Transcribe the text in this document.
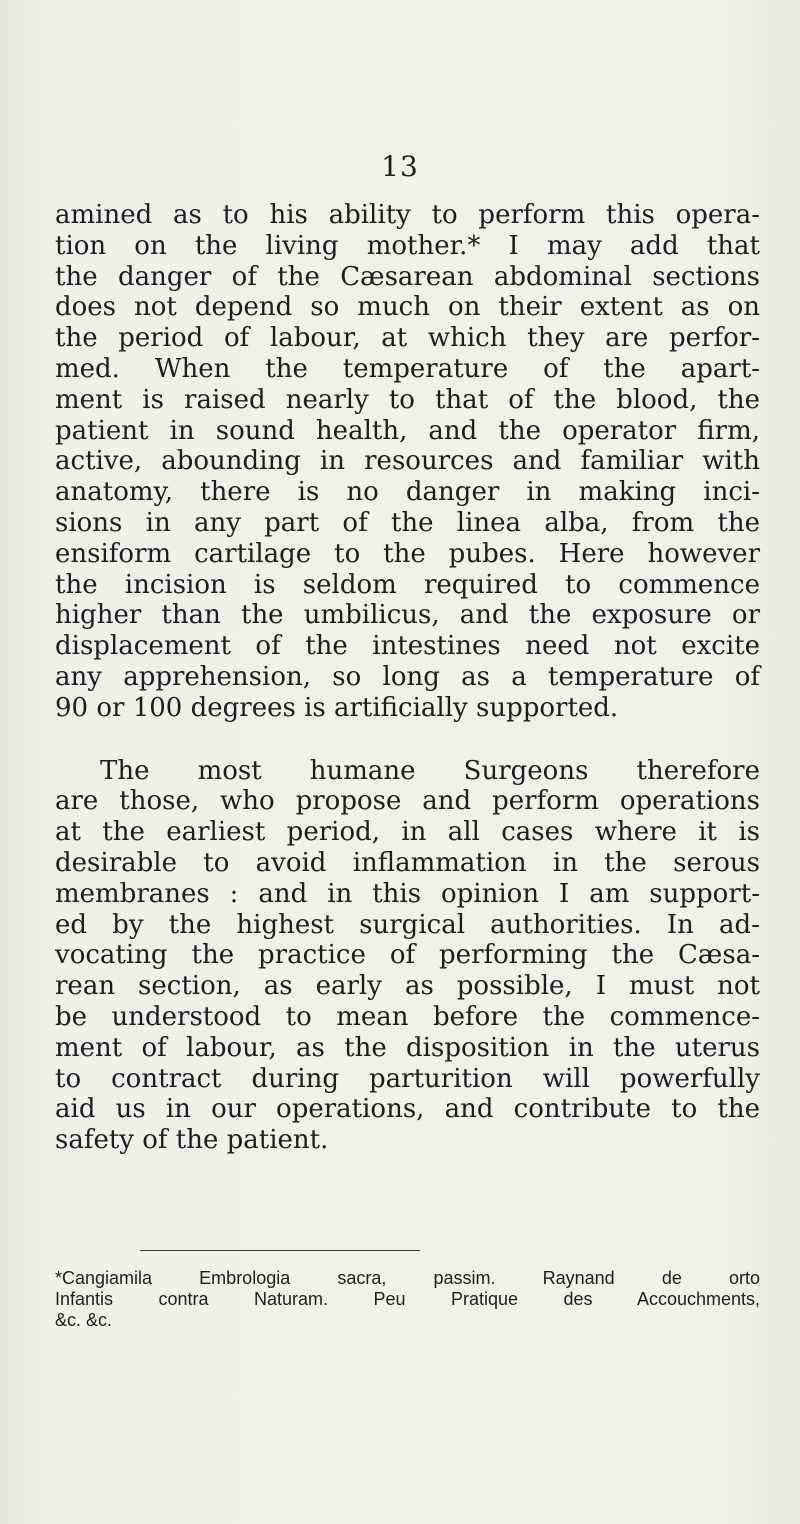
13
amined as to his ability to perform this opera-
tion on the living mother.* I may add that
the danger of the Cæsarean abdominal sections
does not depend so much on their extent as on
the period of labour, at which they are perfor-
med. When the temperature of the apart-
ment is raised nearly to that of the blood, the
patient in sound health, and the operator firm,
active, abounding in resources and familiar with
anatomy, there is no danger in making inci-
sions in any part of the linea alba, from the
ensiform cartilage to the pubes. Here however
the incision is seldom required to commence
higher than the umbilicus, and the exposure or
displacement of the intestines need not excite
any apprehension, so long as a temperature of
90 or 100 degrees is artificially supported.
The most humane Surgeons therefore
are those, who propose and perform operations
at the earliest period, in all cases where it is
desirable to avoid inflammation in the serous
membranes : and in this opinion I am support-
ed by the highest surgical authorities. In ad-
vocating the practice of performing the Cæsa-
rean section, as early as possible, I must not
be understood to mean before the commence-
ment of labour, as the disposition in the uterus
to contract during parturition will powerfully
aid us in our operations, and contribute to the
safety of the patient.
*Cangiamila Embrologia sacra, passim. Raynand de orto
Infantis contra Naturam. Peu Pratique des Accouchments,
&c. &c.
